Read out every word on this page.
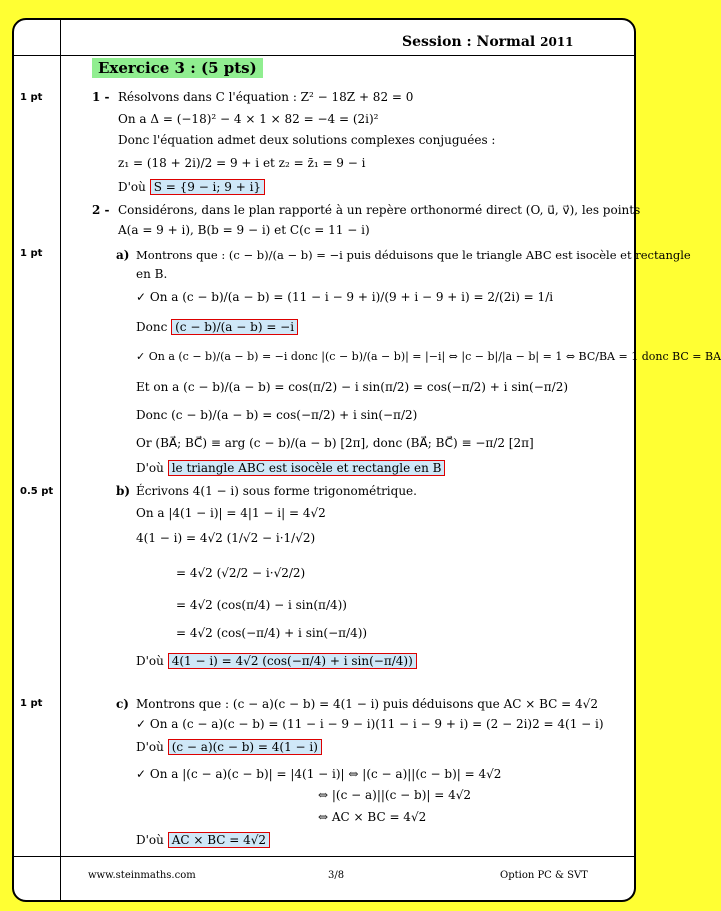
Session : Normal 2011
Exercice 3 : (5 pts)
1 pt
1 pt
0.5 pt
1 pt
1 - Résolvons dans C l'équation : Z² − 18Z + 82 = 0
On a Δ = (−18)² − 4 × 1 × 82 = −4 = (2i)²
Donc l'équation admet deux solutions complexes conjuguées :
z₁ = (18 + 2i)/2 = 9 + i et z₂ = z̄₁ = 9 − i
D'où S = {9 − i; 9 + i}
2 - Considérons, dans le plan rapporté à un repère orthonormé direct (O, u⃗, v⃗), les points
A(a = 9 + i), B(b = 9 − i) et C(c = 11 − i)
a) Montrons que : (c − b)/(a − b) = −i puis déduisons que le triangle ABC est isocèle et rectangle
en B.
✓ On a (c − b)/(a − b) = (11 − i − 9 + i)/(9 + i − 9 + i) = 2/(2i) = 1/i
Donc (c − b)/(a − b) = −i
✓ On a (c − b)/(a − b) = −i donc |(c − b)/(a − b)| = |−i| ⇔ |c − b|/|a − b| = 1 ⇔ BC/BA = 1 donc BC = BA
Et on a (c − b)/(a − b) = cos(π/2) − i sin(π/2) = cos(−π/2) + i sin(−π/2)
Donc (c − b)/(a − b) = cos(−π/2) + i sin(−π/2)
Or (BA⃗; BC⃗) ≡ arg (c − b)/(a − b) [2π], donc (BA⃗; BC⃗) ≡ −π/2 [2π]
D'où le triangle ABC est isocèle et rectangle en B
b) Écrivons 4(1 − i) sous forme trigonométrique.
On a |4(1 − i)| = 4|1 − i| = 4√2
4(1 − i) = 4√2 (1/√2 − i·1/√2)
= 4√2 (√2/2 − i·√2/2)
= 4√2 (cos(π/4) − i sin(π/4))
= 4√2 (cos(−π/4) + i sin(−π/4))
D'où 4(1 − i) = 4√2 (cos(−π/4) + i sin(−π/4))
c) Montrons que : (c − a)(c − b) = 4(1 − i) puis déduisons que AC × BC = 4√2
✓ On a (c − a)(c − b) = (11 − i − 9 − i)(11 − i − 9 + i) = (2 − 2i)2 = 4(1 − i)
D'où (c − a)(c − b) = 4(1 − i)
✓ On a |(c − a)(c − b)| = |4(1 − i)| ⇔ |(c − a)||(c − b)| = 4√2
⇔ |(c − a)||(c − b)| = 4√2
⇔ AC × BC = 4√2
D'où AC × BC = 4√2
www.steinmaths.com	3/8	Option PC & SVT
